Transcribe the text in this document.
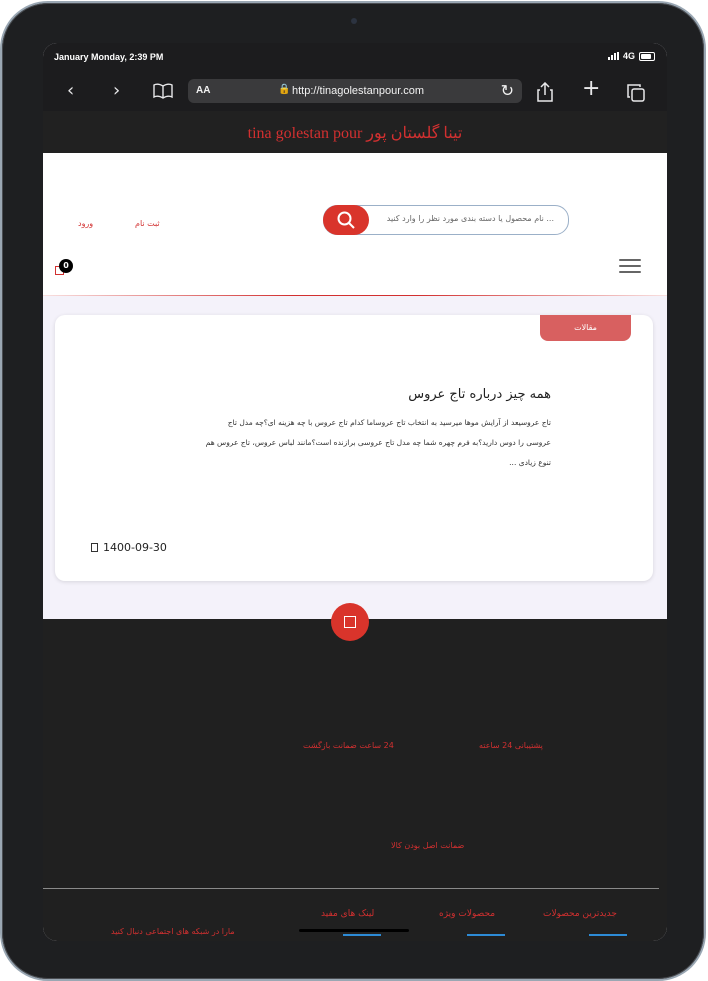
January Monday, 2:39 PM	4G
‹ ›	AA	🔒 http://tinagolestanpour.com	↻	+
tina golestan pour تینا گلستان پور
نام محصول یا دسته بندی مورد نظر را وارد کنید ...
ثبت نام
ورود
0
مقالات
همه چیز درباره تاج عروس
تاج عروسیعد از آرایش موها میرسید به انتخاب تاج عروساما کدام تاج عروس با چه هزینه ای؟چه مدل تاج عروسی را دوس دارید؟به فرم چهره شما چه مدل تاج عروسی برازنده است؟مانند لباس عروس، تاج عروس هم تنوع زیادی ...
1400-09-30
پشتیبانی 24 ساعته
24 ساعت ضمانت بازگشت
ضمانت اصل بودن کالا
جدیدترین محصولات
محصولات ویژه
لینک های مفید
مارا در شبکه های اجتماعی دنبال کنید
